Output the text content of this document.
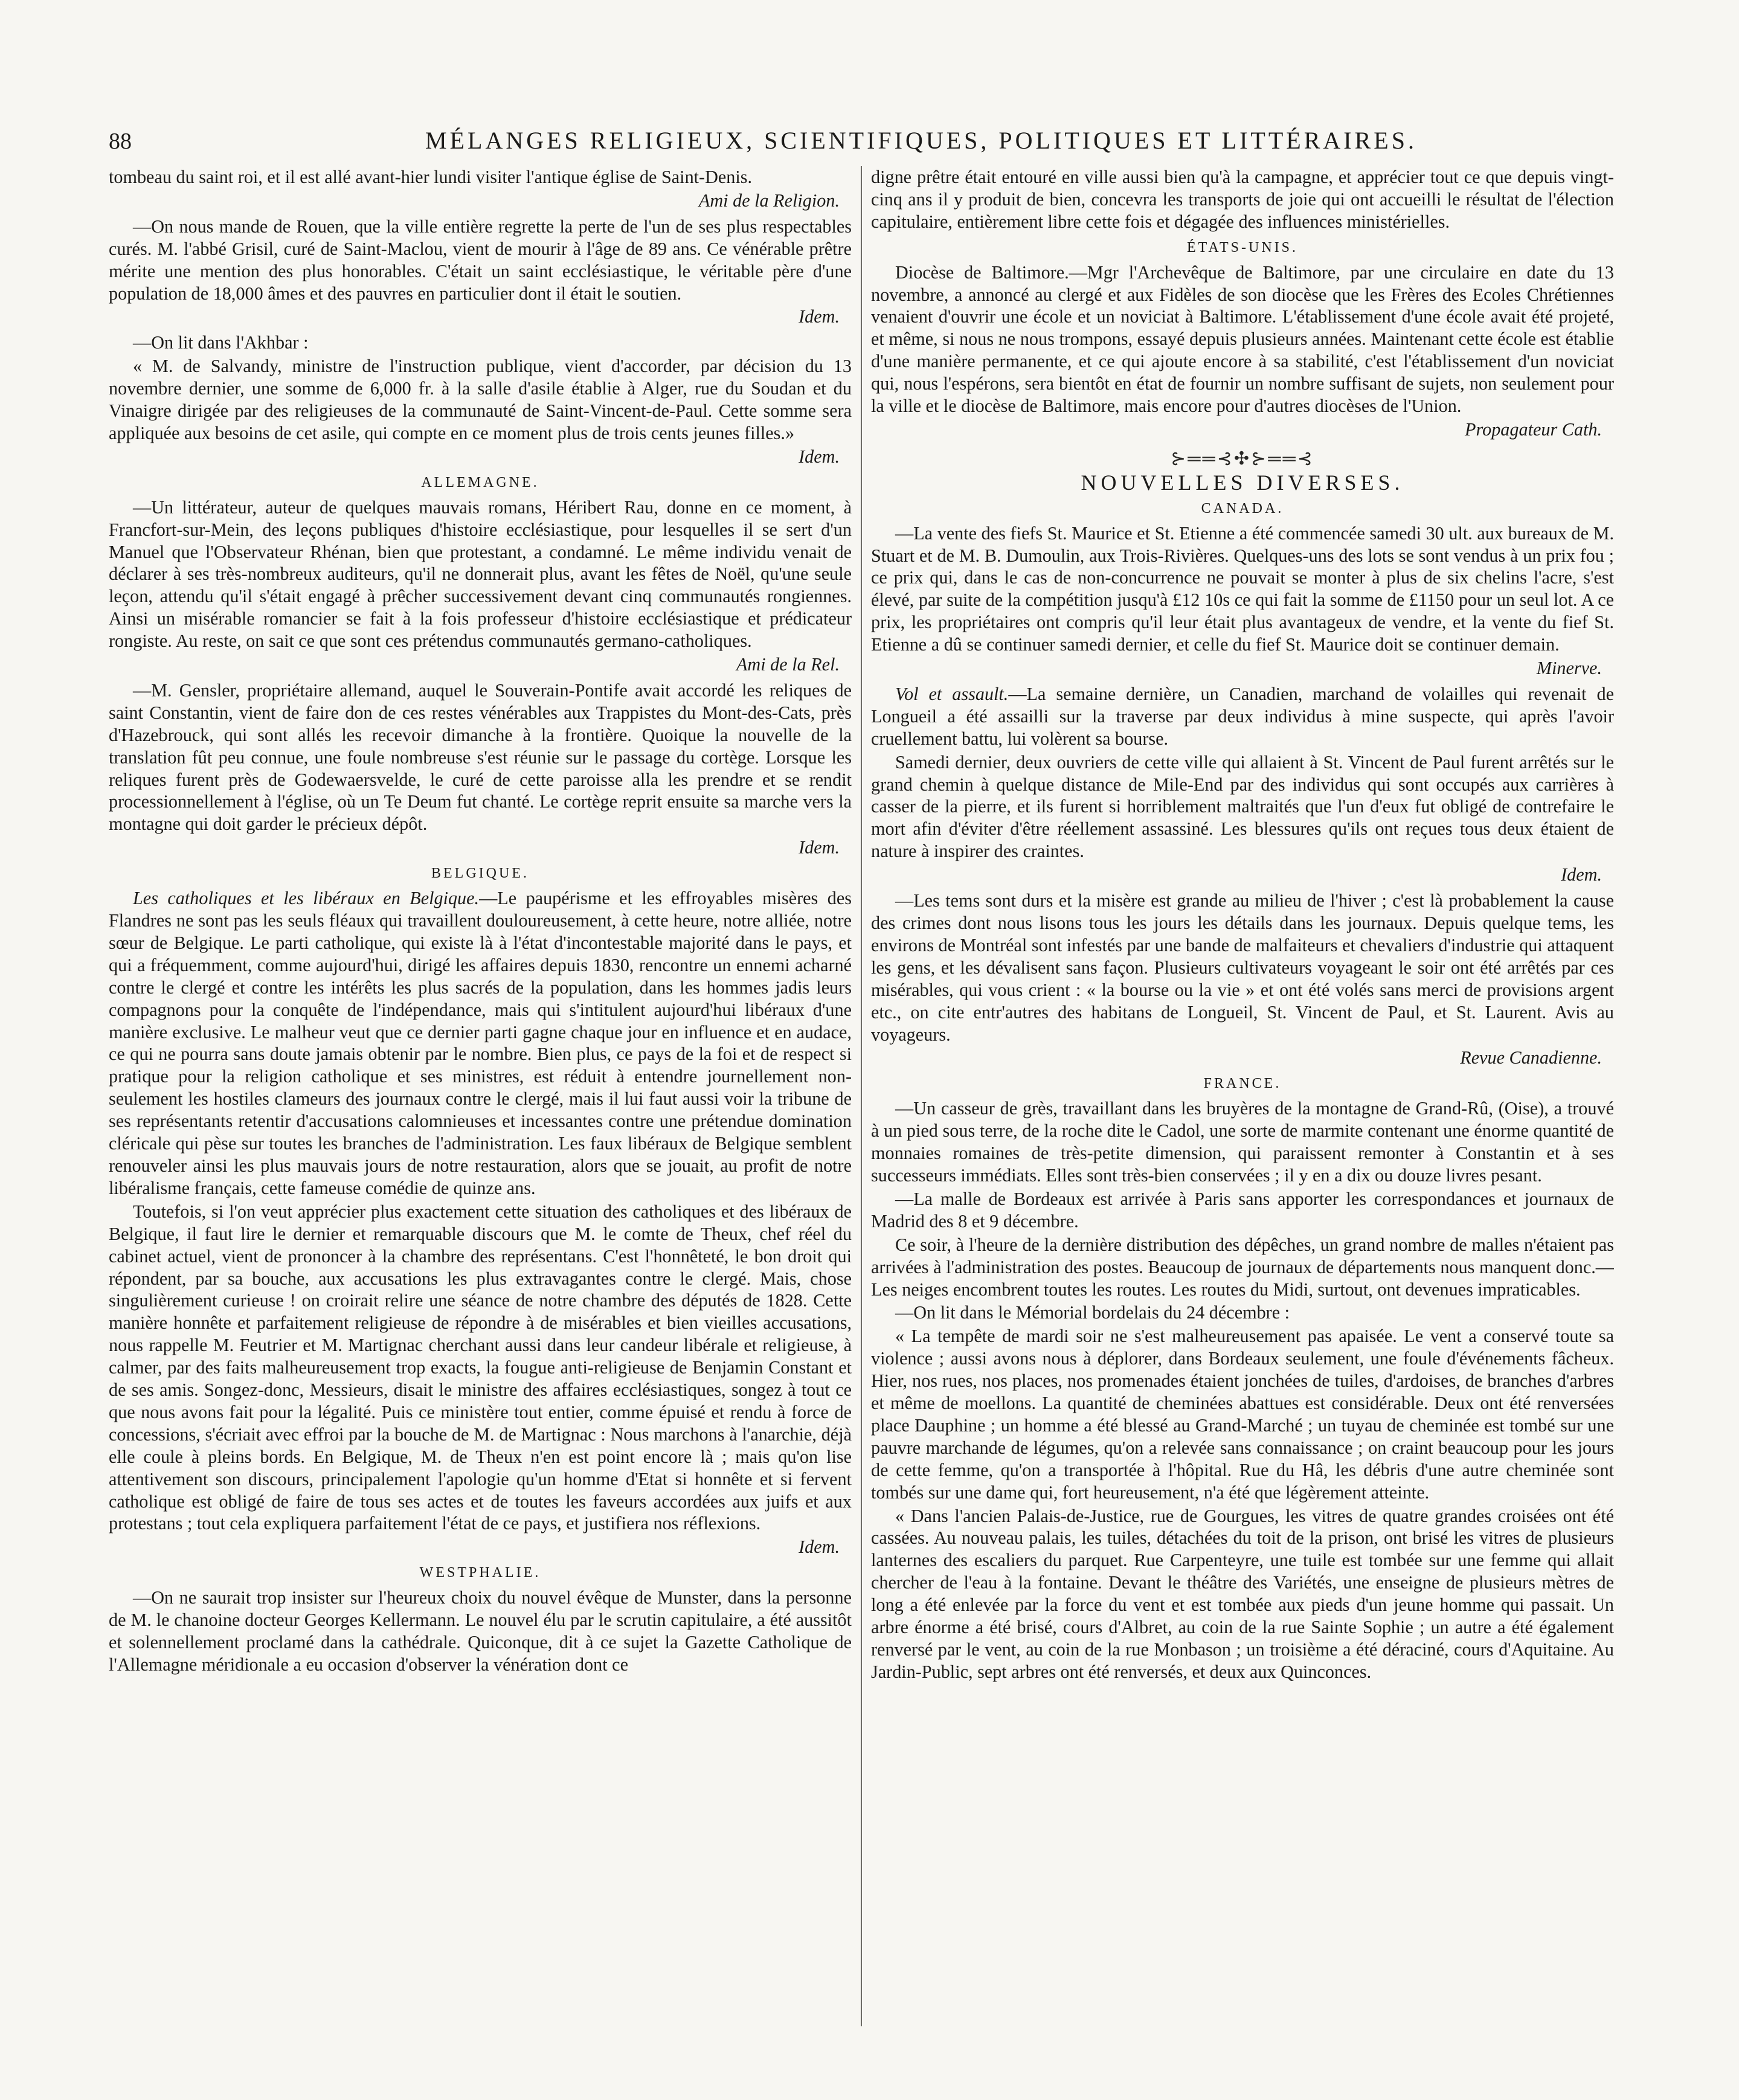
88	MÉLANGES RELIGIEUX, SCIENTIFIQUES, POLITIQUES ET LITTÉRAIRES.

tombeau du saint roi, et il est allé avant-hier lundi visiter l'antique église de Saint-Denis.

Ami de la Religion.

—On nous mande de Rouen, que la ville entière regrette la perte de l'un de ses plus respectables curés. M. l'abbé Grisil, curé de Saint-Maclou, vient de mourir à l'âge de 89 ans. Ce vénérable prêtre mérite une mention des plus honorables. C'était un saint ecclésiastique, le véritable père d'une population de 18,000 âmes et des pauvres en particulier dont il était le soutien.

Idem.

—On lit dans l'Akhbar :

« M. de Salvandy, ministre de l'instruction publique, vient d'accorder, par décision du 13 novembre dernier, une somme de 6,000 fr. à la salle d'asile établie à Alger, rue du Soudan et du Vinaigre dirigée par des religieuses de la communauté de Saint-Vincent-de-Paul. Cette somme sera appliquée aux besoins de cet asile, qui compte en ce moment plus de trois cents jeunes filles.»

Idem.
ALLEMAGNE.

—Un littérateur, auteur de quelques mauvais romans, Héribert Rau, donne en ce moment, à Francfort-sur-Mein, des leçons publiques d'histoire ecclésiastique, pour lesquelles il se sert d'un Manuel que l'Observateur Rhénan, bien que protestant, a condamné. Le même individu venait de déclarer à ses très-nombreux auditeurs, qu'il ne donnerait plus, avant les fêtes de Noël, qu'une seule leçon, attendu qu'il s'était engagé à prêcher successivement devant cinq communautés rongiennes. Ainsi un misérable romancier se fait à la fois professeur d'histoire ecclésiastique et prédicateur rongiste. Au reste, on sait ce que sont ces prétendus communautés germano-catholiques.

Ami de la Rel.

—M. Gensler, propriétaire allemand, auquel le Souverain-Pontife avait accordé les reliques de saint Constantin, vient de faire don de ces restes vénérables aux Trappistes du Mont-des-Cats, près d'Hazebrouck, qui sont allés les recevoir dimanche à la frontière. Quoique la nouvelle de la translation fût peu connue, une foule nombreuse s'est réunie sur le passage du cortège. Lorsque les reliques furent près de Godewaersvelde, le curé de cette paroisse alla les prendre et se rendit processionnellement à l'église, où un Te Deum fut chanté. Le cortège reprit ensuite sa marche vers la montagne qui doit garder le précieux dépôt.

Idem.
BELGIQUE.

Les catholiques et les libéraux en Belgique.—Le paupérisme et les effroyables misères des Flandres ne sont pas les seuls fléaux qui travaillent douloureusement, à cette heure, notre alliée, notre sœur de Belgique. Le parti catholique, qui existe là à l'état d'incontestable majorité dans le pays, et qui a fréquemment, comme aujourd'hui, dirigé les affaires depuis 1830, rencontre un ennemi acharné contre le clergé et contre les intérêts les plus sacrés de la population, dans les hommes jadis leurs compagnons pour la conquête de l'indépendance, mais qui s'intitulent aujourd'hui libéraux d'une manière exclusive. Le malheur veut que ce dernier parti gagne chaque jour en influence et en audace, ce qui ne pourra sans doute jamais obtenir par le nombre. Bien plus, ce pays de la foi et de respect si pratique pour la religion catholique et ses ministres, est réduit à entendre journellement non-seulement les hostiles clameurs des journaux contre le clergé, mais il lui faut aussi voir la tribune de ses représentants retentir d'accusations calomnieuses et incessantes contre une prétendue domination cléricale qui pèse sur toutes les branches de l'administration. Les faux libéraux de Belgique semblent renouveler ainsi les plus mauvais jours de notre restauration, alors que se jouait, au profit de notre libéralisme français, cette fameuse comédie de quinze ans.

Toutefois, si l'on veut apprécier plus exactement cette situation des catholiques et des libéraux de Belgique, il faut lire le dernier et remarquable discours que M. le comte de Theux, chef réel du cabinet actuel, vient de prononcer à la chambre des représentans. C'est l'honnêteté, le bon droit qui répondent, par sa bouche, aux accusations les plus extravagantes contre le clergé. Mais, chose singulièrement curieuse ! on croirait relire une séance de notre chambre des députés de 1828. Cette manière honnête et parfaitement religieuse de répondre à de misérables et bien vieilles accusations, nous rappelle M. Feutrier et M. Martignac cherchant aussi dans leur candeur libérale et religieuse, à calmer, par des faits malheureusement trop exacts, la fougue anti-religieuse de Benjamin Constant et de ses amis. Songez-donc, Messieurs, disait le ministre des affaires ecclésiastiques, songez à tout ce que nous avons fait pour la légalité. Puis ce ministère tout entier, comme épuisé et rendu à force de concessions, s'écriait avec effroi par la bouche de M. de Martignac : Nous marchons à l'anarchie, déjà elle coule à pleins bords. En Belgique, M. de Theux n'en est point encore là ; mais qu'on lise attentivement son discours, principalement l'apologie qu'un homme d'Etat si honnête et si fervent catholique est obligé de faire de tous ses actes et de toutes les faveurs accordées aux juifs et aux protestans ; tout cela expliquera parfaitement l'état de ce pays, et justifiera nos réflexions.

Idem.
WESTPHALIE.

—On ne saurait trop insister sur l'heureux choix du nouvel évêque de Munster, dans la personne de M. le chanoine docteur Georges Kellermann. Le nouvel élu par le scrutin capitulaire, a été aussitôt et solennellement proclamé dans la cathédrale. Quiconque, dit à ce sujet la Gazette Catholique de l'Allemagne méridionale a eu occasion d'observer la vénération dont ce

digne prêtre était entouré en ville aussi bien qu'à la campagne, et apprécier tout ce que depuis vingt-cinq ans il y produit de bien, concevra les transports de joie qui ont accueilli le résultat de l'élection capitulaire, entièrement libre cette fois et dégagée des influences ministérielles.

ÉTATS-UNIS.

Diocèse de Baltimore.—Mgr l'Archevêque de Baltimore, par une circulaire en date du 13 novembre, a annoncé au clergé et aux Fidèles de son diocèse que les Frères des Ecoles Chrétiennes venaient d'ouvrir une école et un noviciat à Baltimore. L'établissement d'une école avait été projeté, et même, si nous ne nous trompons, essayé depuis plusieurs années. Maintenant cette école est établie d'une manière permanente, et ce qui ajoute encore à sa stabilité, c'est l'établissement d'un noviciat qui, nous l'espérons, sera bientôt en état de fournir un nombre suffisant de sujets, non seulement pour la ville et le diocèse de Baltimore, mais encore pour d'autres diocèses de l'Union.

Propagateur Cath.
⊱══⊰✣⊱══⊰
NOUVELLES DIVERSES.
CANADA.

—La vente des fiefs St. Maurice et St. Etienne a été commencée samedi 30 ult. aux bureaux de M. Stuart et de M. B. Dumoulin, aux Trois-Rivières. Quelques-uns des lots se sont vendus à un prix fou ; ce prix qui, dans le cas de non-concurrence ne pouvait se monter à plus de six chelins l'acre, s'est élevé, par suite de la compétition jusqu'à £12 10s ce qui fait la somme de £1150 pour un seul lot. A ce prix, les propriétaires ont compris qu'il leur était plus avantageux de vendre, et la vente du fief St. Etienne a dû se continuer samedi dernier, et celle du fief St. Maurice doit se continuer demain.

Minerve.

Vol et assault.—La semaine dernière, un Canadien, marchand de volailles qui revenait de Longueil a été assailli sur la traverse par deux individus à mine suspecte, qui après l'avoir cruellement battu, lui volèrent sa bourse.

Samedi dernier, deux ouvriers de cette ville qui allaient à St. Vincent de Paul furent arrêtés sur le grand chemin à quelque distance de Mile-End par des individus qui sont occupés aux carrières à casser de la pierre, et ils furent si horriblement maltraités que l'un d'eux fut obligé de contrefaire le mort afin d'éviter d'être réellement assassiné. Les blessures qu'ils ont reçues tous deux étaient de nature à inspirer des craintes.

Idem.

—Les tems sont durs et la misère est grande au milieu de l'hiver ; c'est là probablement la cause des crimes dont nous lisons tous les jours les détails dans les journaux. Depuis quelque tems, les environs de Montréal sont infestés par une bande de malfaiteurs et chevaliers d'industrie qui attaquent les gens, et les dévalisent sans façon. Plusieurs cultivateurs voyageant le soir ont été arrêtés par ces misérables, qui vous crient : « la bourse ou la vie » et ont été volés sans merci de provisions argent etc., on cite entr'autres des habitans de Longueil, St. Vincent de Paul, et St. Laurent. Avis au voyageurs.

Revue Canadienne.
FRANCE.

—Un casseur de grès, travaillant dans les bruyères de la montagne de Grand-Rû, (Oise), a trouvé à un pied sous terre, de la roche dite le Cadol, une sorte de marmite contenant une énorme quantité de monnaies romaines de très-petite dimension, qui paraissent remonter à Constantin et à ses successeurs immédiats. Elles sont très-bien conservées ; il y en a dix ou douze livres pesant.

—La malle de Bordeaux est arrivée à Paris sans apporter les correspondances et journaux de Madrid des 8 et 9 décembre.

Ce soir, à l'heure de la dernière distribution des dépêches, un grand nombre de malles n'étaient pas arrivées à l'administration des postes. Beaucoup de journaux de départements nous manquent donc.— Les neiges encombrent toutes les routes. Les routes du Midi, surtout, ont devenues impraticables.

—On lit dans le Mémorial bordelais du 24 décembre :

« La tempête de mardi soir ne s'est malheureusement pas apaisée. Le vent a conservé toute sa violence ; aussi avons nous à déplorer, dans Bordeaux seulement, une foule d'événements fâcheux. Hier, nos rues, nos places, nos promenades étaient jonchées de tuiles, d'ardoises, de branches d'arbres et même de moellons. La quantité de cheminées abattues est considérable. Deux ont été renversées place Dauphine ; un homme a été blessé au Grand-Marché ; un tuyau de cheminée est tombé sur une pauvre marchande de légumes, qu'on a relevée sans connaissance ; on craint beaucoup pour les jours de cette femme, qu'on a transportée à l'hôpital. Rue du Hâ, les débris d'une autre cheminée sont tombés sur une dame qui, fort heureusement, n'a été que légèrement atteinte.

« Dans l'ancien Palais-de-Justice, rue de Gourgues, les vitres de quatre grandes croisées ont été cassées. Au nouveau palais, les tuiles, détachées du toit de la prison, ont brisé les vitres de plusieurs lanternes des escaliers du parquet. Rue Carpenteyre, une tuile est tombée sur une femme qui allait chercher de l'eau à la fontaine. Devant le théâtre des Variétés, une enseigne de plusieurs mètres de long a été enlevée par la force du vent et est tombée aux pieds d'un jeune homme qui passait. Un arbre énorme a été brisé, cours d'Albret, au coin de la rue Sainte Sophie ; un autre a été également renversé par le vent, au coin de la rue Monbason ; un troisième a été déraciné, cours d'Aquitaine. Au Jardin-Public, sept arbres ont été renversés, et deux aux Quinconces.
